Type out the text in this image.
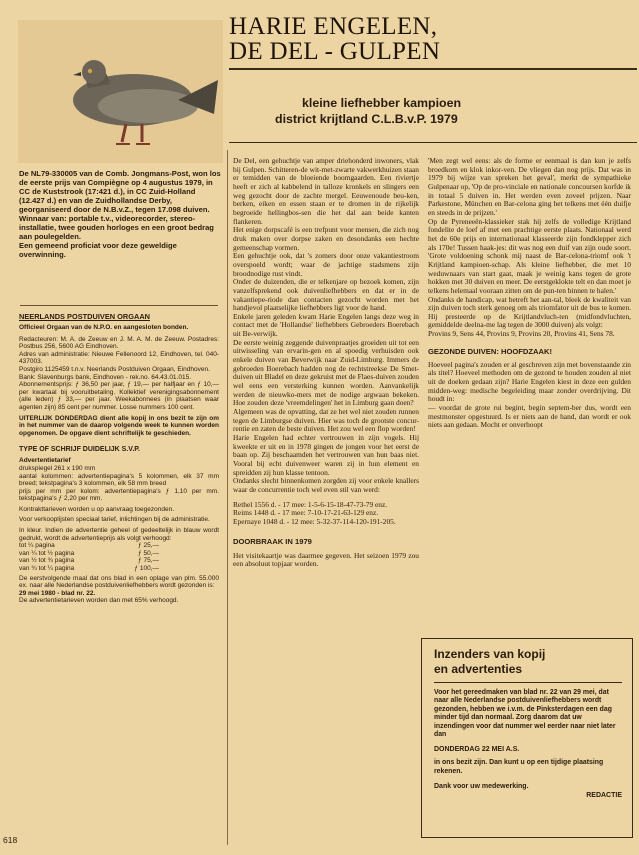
HARIE ENGELEN,
DE DEL - GULPEN
kleine liefhebber kampioen
district krijtland C.L.B.v.P. 1979
De NL79-330005 van de Comb. Jongmans-Post, won los de eerste prijs van Compiègne op 4 augustus 1979, in CC de Kuststrook (17:421 d.), in CC Zuid-Holland (12.427 d.) en van de Zuidhollandse Derby, georganiseerd door de N.B.v.Z., tegen 17.098 duiven.
Winnaar van: portable t.v., videorecorder, stereo-installatie, twee gouden horloges en een groot bedrag aan poulegelden.
Een gemeend proficiat voor deze geweldige overwinning.
NEERLANDS POSTDUIVEN ORGAAN
Officieel Orgaan van de N.P.O. en aangesloten bonden.
Redacteuren: M. A. de Zeeuw en J. M. A. M. de Zeeuw. Postadres: Postbus 256, 5600 AG Eindhoven.
Adres van administratie: Nieuwe Fellenoord 12, Eindhoven, tel. 040-437003.
Postgiro 1125459 t.n.v. Neerlands Postduiven Orgaan, Eindhoven.
Bank: Slavenburgs bank, Eindhoven - rek.no. 64.43.01.015.
Abonnementsprijs: ƒ 36,50 per jaar, ƒ 19,— per halfjaar en ƒ 10,— per kwartaal bij vooruitbetaling. Kollektief verenigingsabonnement (alle leden) ƒ 33,— per jaar. Weekabonnees (in plaatsen waar agenten zijn) 85 cent per nummer. Losse nummers 100 cent.
UITERLIJK DONDERDAG dient alle kopij in ons bezit te zijn om in het nummer van de daarop volgende week te kunnen worden opgenomen. De opgave dient schriftelijk te geschieden.
TYPE OF SCHRIJF DUIDELIJK S.V.P.
Advertentietarief
drukspiegel 261 x 190 mm
aantal kolommen: advertentiepagina's 5 kolommen, elk 37 mm breed; tekstpagina's 3 kolommen, elk 58 mm breed
prijs per mm per kolom: advertentiepagina's ƒ 1,10 per mm. tekstpagina's ƒ 2,20 per mm.
Kontrakttarieven worden u op aanvraag toegezonden.
Voor verkooplijsten speciaal tarief, inlichtingen bij de administratie.
In kleur. Indien de advertentie geheel of gedeeltelijk in blauw wordt gedrukt, wordt de advertentieprijs als volgt verhoogd:
tot ¼ pagina	ƒ 25,—
van ¼ tot ½ pagina	ƒ 50,—
van ½ tot ¾ pagina	ƒ 75,—
van ¾ tot ¼ pagina	ƒ 100,—
De eerstvolgende maal dat ons blad in een oplage van plm. 55.000 ex. naar alle Nederlandse postduivenliefhebbers wordt gezonden is:
29 mei 1980 - blad nr. 22.
De advertentietarieven worden dan met 65% verhoogd.
De Del, een gehuchtje van amper driehonderd inwoners, vlak bij Gulpen. Schitteren-de wit-met-zwarte vakwerkhuizen staan er temidden van de bloeiende boomgaarden. Een riviertje heeft er zich al kabbelend in talloze kronkels en slingers een weg gezocht door de zachte mergel. Eeuwenoude beu-ken, berken, eiken en essen staan er te dromen in de rijkelijk begroeide hellingbos-sen die het dal aan beide kanten flankeren.
Het enige dorpscafé is een trefpunt voor mensen, die zich nog druk maken over dorpse zaken en desondanks een hechte gemeenschap vormen.
Een gehuchtje ook, dat 's zomers door onze vakantiestroom overspoeld wordt; waar de jachtige stadsmens zijn broodnodige rust vindt.
Onder de duizenden, die er telkenjare op bezoek komen, zijn vanzelfsprekend ook duivenliefhebbers en dat er in de vakantiepe-riode dan contacten gezocht worden met het handjevol plaatselijke liefhebbers ligt voor de hand.
Enkele jaren geleden kwam Harie Engelen langs deze weg in contact met de 'Hollandse' liefhebbers Gebroeders Boerebach uit Be-verwijk.
De eerste weinig zeggende duivenpraatjes groeiden uit tot een uitwisseling van ervarin-gen en al spoedig verhuisden ook enkele duiven van Beverwijk naar Zuid-Limburg. Immers de gebroeden Boerebach hadden nog de rechtstreekse De Smet-duiven uit Bladel en deze gekruist met de Flaes-duiven zouden wel eens een versterking kunnen worden. Aanvankelijk werden de nieuwko-mers met de nodige argwaan bekeken. Hoe zouden deze 'vreemdelingen' het in Limburg gaan doen?
Algemeen was de opvatting, dat ze het wel niet zouden runnen tegen de Limburgse duiven. Hier was toch de grootste concur-rentie en zaten de beste duiven. Het zou wel een flop worden!
Harie Engelen had echter vertrouwen in zijn vogels. Hij kweekte er uit en in 1978 gingen de jongen voor het eerst de baan op. Zij beschaamden het vertrouwen van hun baas niet. Vooral bij echt duivenweer waren zij in hun element en spreidden zij hun klasse tentoon.
Ondanks slecht binnenkomen zorgden zij voor enkele knallers waar de concurrentie toch wel even stil van werd:
Rethel 1556 d. - 17 mee: 1-5-6-15-18-47-73-79 enz.
Reims 1448 d. - 17 mee: 7-10-17-21-63-129 enz.
Epernaye 1048 d. - 12 mee: 5-32-37-114-120-191-205.
DOORBRAAK IN 1979
Het visitekaartje was daarmee gegeven. Het seizoen 1979 zou een absoluut topjaar worden.
'Men zegt wel eens: als de forme er eenmaal is dan kun je zelfs broedkom en klok inkor-ven. De vliegen dan nog prijs. Dat was in 1979 bij wijze van spreken het geval', merkt de sympathieke Gulpenaar op, 'Op de pro-vinciale en nationale concoursen korfde ik in totaal 5 duiven in. Het werden even zoveel prijzen. Naar Parkestone, München en Bar-celona ging het telkens met één duifje en steeds in de prijzen.'
Op de Pyreneeën-klassieker stak hij zelfs de volledige Krijtland fondelite de loef af met een prachtige eerste plaats. Nationaal werd het de 60e prijs en internationaal klasseerde zijn fondklepper zich als 170e! Tussen haak-jes: dit was nog een duif van zijn oude soort. 'Grote voldoening schonk mij naast de Bar-celona-triomf ook 't Krijtland kampioen-schap. Als kleine liefhebber, die met 10 weduwnaars van start gaat, maak je weinig kans tegen de grote hokken met 30 duiven en meer. De eerstgeklokte telt en dan moet je telkens helemaal vooraan zitten om de pun-ten binnen te halen.'
Ondanks de handicap, wat betreft het aan-tal, bleek de kwaliteit van zijn duiven toch sterk genoeg om als triomfator uit de bus te komen. Hij presteerde op de Krijtlandvluch-ten (midfondvluchten, gemiddelde deelna-me lag tegen de 3000 duiven) als volgt:
Provins 9, Sens 44, Provins 9, Provins 20, Provins 41, Sens 78.
GEZONDE DUIVEN: HOOFDZAAK!
Hoeveel pagina's zouden er al geschreven zijn met bovenstaande zin als titel? Hoeveel methoden om de gezond te houden zouden al niet uit de doeken gedaan zijn? Harie Engelen kiest in deze een gulden midden-weg: medische begeleiding maar zonder overdrijving. Dit houdt in:
— voordat de grote rui begint, begin septem-ber dus, wordt een mestmonster opgestuurd. Is er niets aan de hand, dan wordt er ook niets aan gedaan. Mocht er onverhoopt
Inzenders van kopij
en advertenties
Voor het gereedmaken van blad nr. 22 van 29 mei, dat naar alle Nederlandse postduivenliefhebbers wordt gezonden, hebben we i.v.m. de Pinksterdagen een dag minder tijd dan normaal. Zorg daarom dat uw inzendingen voor dat nummer wel eerder naar niet later dan
DONDERDAG 22 MEI A.S.
in ons bezit zijn. Dan kunt u op een tijdige plaatsing rekenen.
Dank voor uw medewerking.
REDACTIE
618
